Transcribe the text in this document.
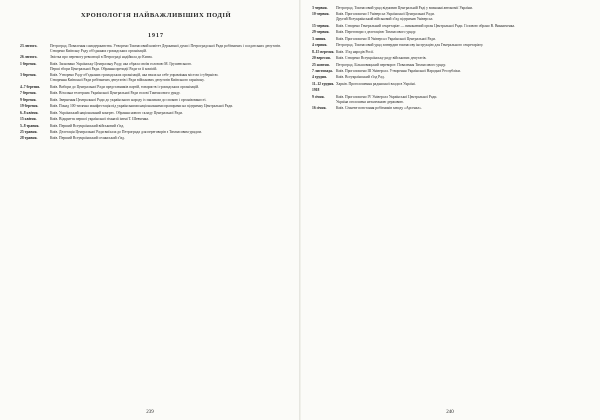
ХРОНОЛОГІЯ НАЙВАЖЛИВІШИХ ПОДІЙ
1917
23 лютого.	Петроград. Повалення самодержавства. Утворено Тимчасовий комітет Державної думи і Петроградської Ради робітничих і солдатських депутатів.
Створено Київську Раду об'єднаних громадських організацій.
26 лютого.	Звістка про перемогу революції в Петрограді надійшла до Києва.
1 березня.	Київ. Засновано Українську Центральну Раду, яка обрала своїм головою М. Грушевського.
Перші збори Центральної Ради. Обрання президії Ради та її комісій.
3 березня.	Київ. Утворено Раду об'єднаних громадських організацій, яка взяла на себе управління містом і губернією.
Створення Київської Ради робітничих депутатів і Ради військових депутатів Київського гарнізону.
4–7 березня.	Київ. Вибори до Центральної Ради представників партій, товариств і громадських організацій.
7 березня.	Київ. Вітальна телеграма Української Центральної Ради голові Тимчасового уряду.
9 березня.	Київ. Звернення Центральної Ради до українського народу із закликом до спокою і організованості.
19 березня.	Київ. Понад 100 тисячна маніфестація під українськими національними прапорами на підтримку Центральної Ради.
6–8 квітня.	Київ. Український національний конгрес. Обрання нового складу Центральної Ради.
15 квітня.	Київ. Відкриття першої української гімназії імені Т. Шевченка.
5–8 травня.	Київ. Перший Всеукраїнський військовий з'їзд.
25 травня.	Київ. Делегація Центральної Ради виїхала до Петрограда для переговорів з Тимчасовим урядом.
28 травня.	Київ. Перший Всеукраїнський селянський з'їзд.
239
3 червня. Петроград. Тимчасовий уряд відмовив Центральній Раді у визнанні автономії України.
10 червня. Київ. Проголошено І Універсал Української Центральної Ради.
Другий Всеукраїнський військовий з'їзд підтримав Універсал.
15 червня. Київ. Створено Генеральний секретаріат — виконавчий орган Центральної Ради. Головою обрано В. Винниченка.
29 червня. Київ. Переговори з делегацією Тимчасового уряду.
3 липня.	Київ. Проголошено ІІ Універсал Української Центральної Ради.
4 серпня. Петроград. Тимчасовий уряд затвердив тимчасову інструкцію для Генерального секретаріату.
8–15 вересня. Київ. З'їзд народів Росії.
20 вересня. Київ. Створено Всеукраїнську раду військових депутатів.
25 жовтня. Петроград. Більшовицький переворот. Повалення Тимчасового уряду.
7 листопада. Київ. Проголошено ІІІ Універсал. Утворення Української Народної Республіки.
4 грудня. Київ. Всеукраїнський з'їзд Рад.
11–12 грудня. Харків. Проголошення радянської влади в Україні.
1918
9 січня.	Київ. Проголошено IV Універсал Української Центральної Ради.
Україна оголошена незалежною державою.
16 січня.	Київ. Січневе повстання робітників заводу «Арсенал».
240
